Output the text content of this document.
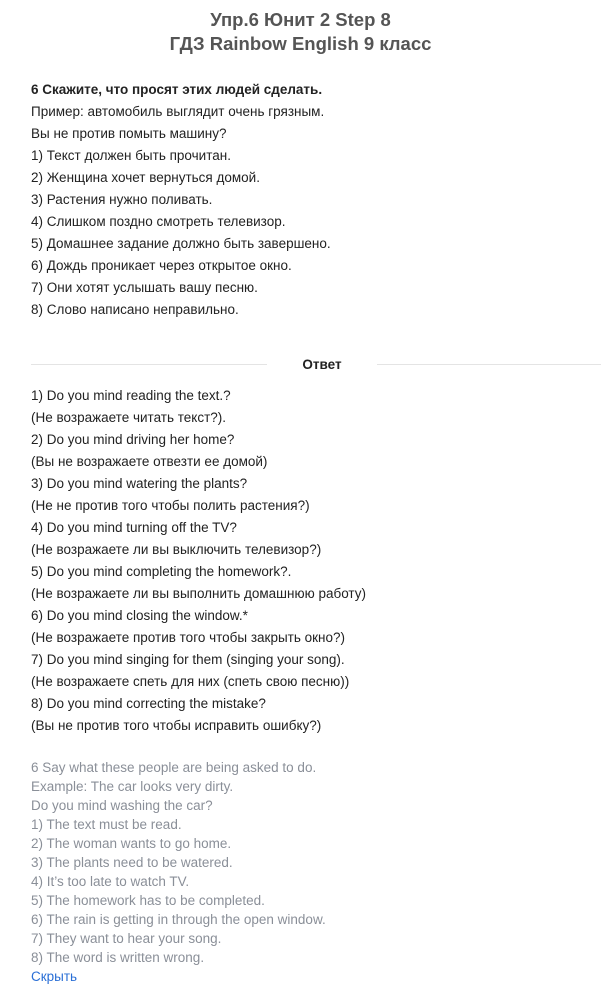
Упр.6 Юнит 2 Step 8
ГДЗ Rainbow English 9 класс
6 Скажите, что просят этих людей сделать.
Пример: автомобиль выглядит очень грязным.
Вы не против помыть машину?
1) Текст должен быть прочитан.
2) Женщина хочет вернуться домой.
3) Растения нужно поливать.
4) Слишком поздно смотреть телевизор.
5) Домашнее задание должно быть завершено.
6) Дождь проникает через открытое окно.
7) Они хотят услышать вашу песню.
8) Слово написано неправильно.
Ответ
1) Do you mind reading the text.?
(Не возражаете читать текст?).
2) Do you mind driving her home?
(Вы не возражаете отвезти ее домой)
3) Do you mind watering the plants?
(Не не против того чтобы полить растения?)
4) Do you mind turning off the TV?
(Не возражаете ли вы выключить телевизор?)
5) Do you mind completing the homework?.
(Не возражаете ли вы выполнить домашнюю работу)
6) Do you mind closing the window.*
(Не возражаете против того чтобы закрыть окно?)
7) Do you mind singing for them (singing your song).
(Не возражаете спеть для них (спеть свою песню))
8) Do you mind correcting the mistake?
(Вы не против того чтобы исправить ошибку?)
6 Say what these people are being asked to do.
Example: The car looks very dirty.
Do you mind washing the car?
1) The text must be read.
2) The woman wants to go home.
3) The plants need to be watered.
4) It’s too late to watch TV.
5) The homework has to be completed.
6) The rain is getting in through the open window.
7) They want to hear your song.
8) The word is written wrong.
Скрыть
